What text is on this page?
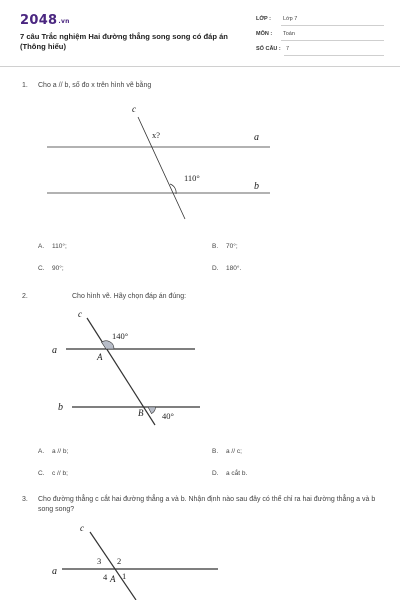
2048.vn
7 câu Trắc nghiệm Hai đường thẳng song song có đáp án (Thông hiểu)
LỚP : Lớp 7
MÔN : Toán
SỐ CÂU : 7
1. Cho a // b, số đo x trên hình vẽ bằng
c
a
b
x?
110°
A. 110°;	B. 70°;
C. 90°;	D. 180°.
2.	Cho hình vẽ. Hãy chọn đáp án đúng:
c
a
b
A
B
140°
40°
A. a // b;	B. a // c;
C. c // b;	D. a cắt b.
3. Cho đường thẳng c cắt hai đường thẳng a và b. Nhận định nào sau đây có thể chỉ ra hai đường thẳng a và b song song?
c
a
3 2
4 A 1
